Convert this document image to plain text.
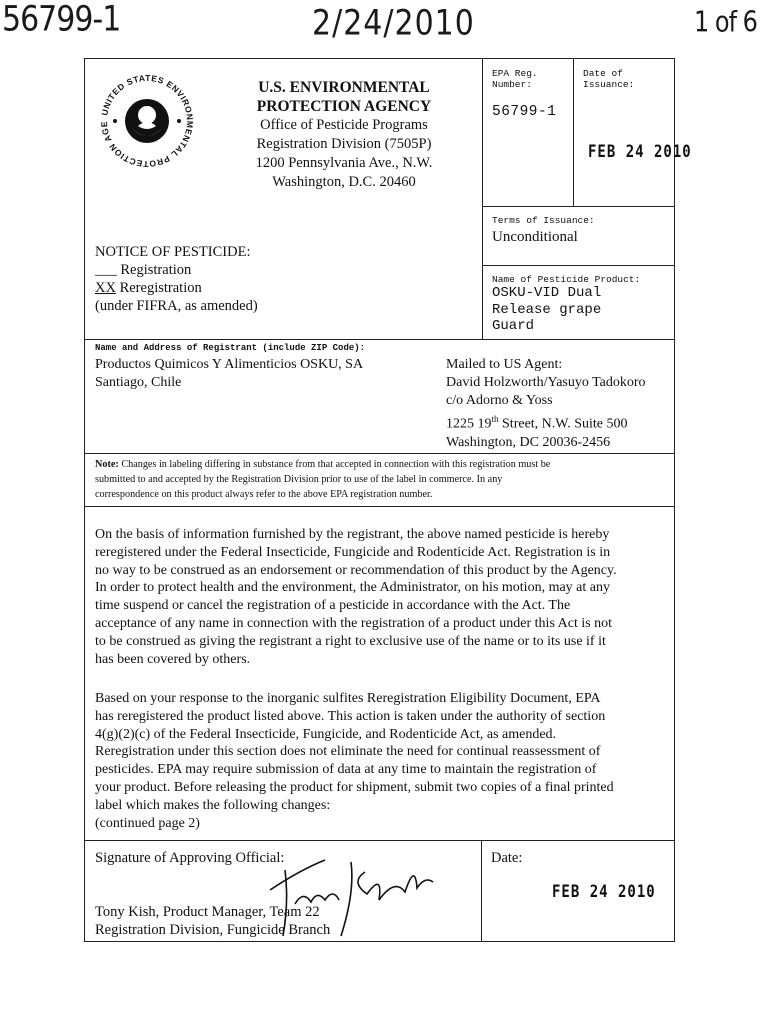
56799-1	2/24/2010	1 of 6
UNITED STATES ENVIRONMENTAL PROTECTION AGE
U.S. ENVIRONMENTAL
PROTECTION AGENCY
Office of Pesticide Programs
Registration Division (7505P)
1200 Pennsylvania Ave., N.W.
Washington, D.C. 20460
EPA Reg.
Number:
56799-1
Date of
Issuance:
FEB 24 2010
Terms of Issuance:
Unconditional
NOTICE OF PESTICIDE:
___ Registration
XX Reregistration
(under FIFRA, as amended)
Name of Pesticide Product:
OSKU-VID Dual
Release grape
Guard
Name and Address of Registrant (include ZIP Code):
Productos Quimicos Y Alimenticios OSKU, SA
Santiago, Chile
Mailed to US Agent:
David Holzworth/Yasuyo Tadokoro
c/o Adorno & Yoss
1225 19th Street, N.W. Suite 500
Washington, DC 20036-2456
Note: Changes in labeling differing in substance from that accepted in connection with this registration must be
submitted to and accepted by the Registration Division prior to use of the label in commerce. In any
correspondence on this product always refer to the above EPA registration number.
On the basis of information furnished by the registrant, the above named pesticide is hereby
reregistered under the Federal Insecticide, Fungicide and Rodenticide Act. Registration is in
no way to be construed as an endorsement or recommendation of this product by the Agency.
In order to protect health and the environment, the Administrator, on his motion, may at any
time suspend or cancel the registration of a pesticide in accordance with the Act. The
acceptance of any name in connection with the registration of a product under this Act is not
to be construed as giving the registrant a right to exclusive use of the name or to its use if it
has been covered by others.
Based on your response to the inorganic sulfites Reregistration Eligibility Document, EPA
has reregistered the product listed above. This action is taken under the authority of section
4(g)(2)(c) of the Federal Insecticide, Fungicide, and Rodenticide Act, as amended.
Reregistration under this section does not eliminate the need for continual reassessment of
pesticides. EPA may require submission of data at any time to maintain the registration of
your product. Before releasing the product for shipment, submit two copies of a final printed
label which makes the following changes:
(continued page 2)
Signature of Approving Official:
Tony Kish, Product Manager, Team 22
Registration Division, Fungicide Branch
Date:
FEB 24 2010
